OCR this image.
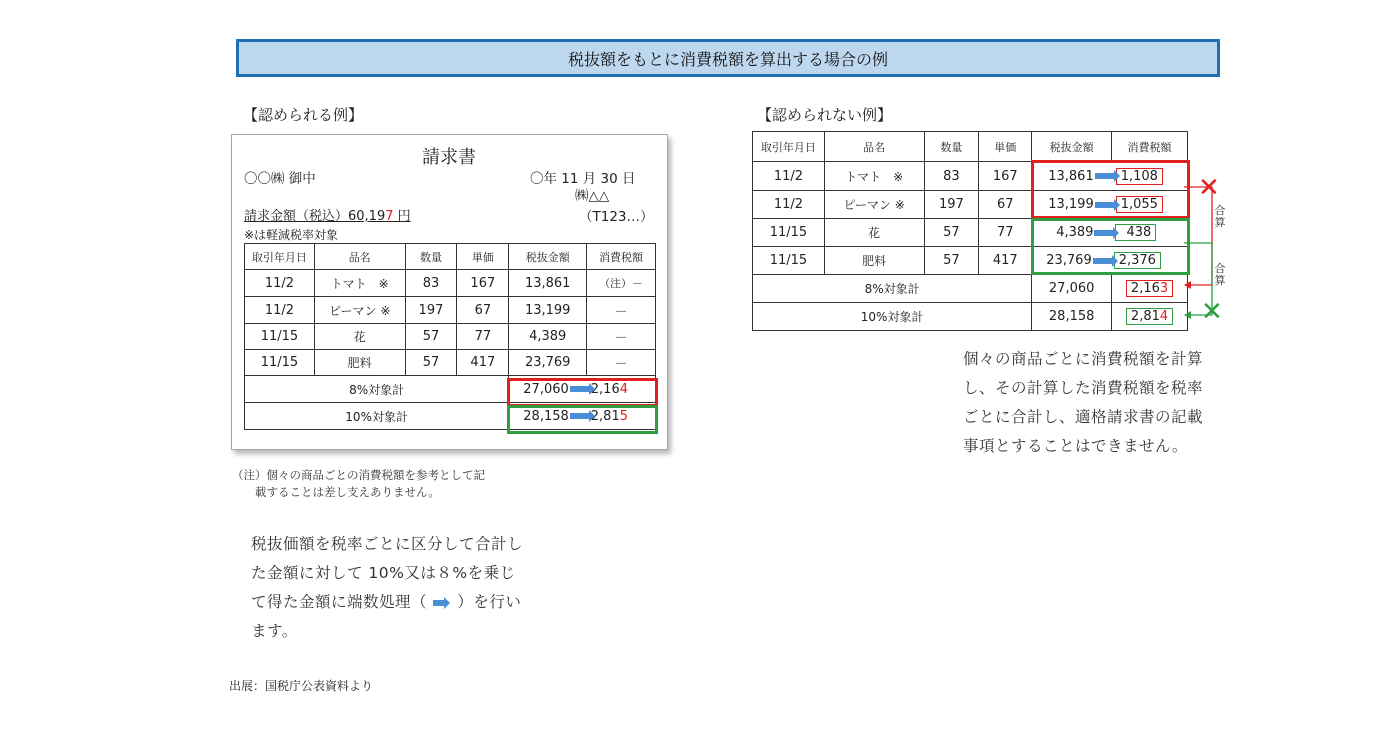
税抜額をもとに消費税額を算出する場合の例
【認められる例】	【認められない例】
請求書
〇〇㈱ 御中	〇年 11 月 30 日
㈱△△
（T123…）
請求金額（税込）60,197 円
※は軽減税率対象
取引年月日	品名	数量	単価	税抜金額	消費税額
11/2	トマト　※	83	167	13,861	（注）－
11/2	ピーマン ※	197	67	13,199	－
11/15	花	57	77	4,389	－
11/15	肥料	57	417	23,769	－
8%対象計				27,060 2,164	
10%対象計				28,158 2,815	
（注）個々の商品ごとの消費税額を参考として記
　　載することは差し支えありません。
税抜価額を税率ごとに区分して合計し
た金額に対して 10%又は８%を乗じ
て得た金額に端数処理（ ）を行い
ます。
取引年月日	品名	数量	単価	税抜金額	消費税額
11/2	トマト　※	83	167	13,861 1,108	
11/2	ピーマン ※	197	67	13,199 1,055	
11/15	花	57	77	4,389 438	
11/15	肥料	57	417	23,769 2,376	
8%対象計				27,060	2,163
10%対象計				28,158	2,814
✕
✕
合算
合算
個々の商品ごとに消費税額を計算
し、その計算した消費税額を税率
ごとに合計し、適格請求書の記載
事項とすることはできません。
出展：国税庁公表資料より
